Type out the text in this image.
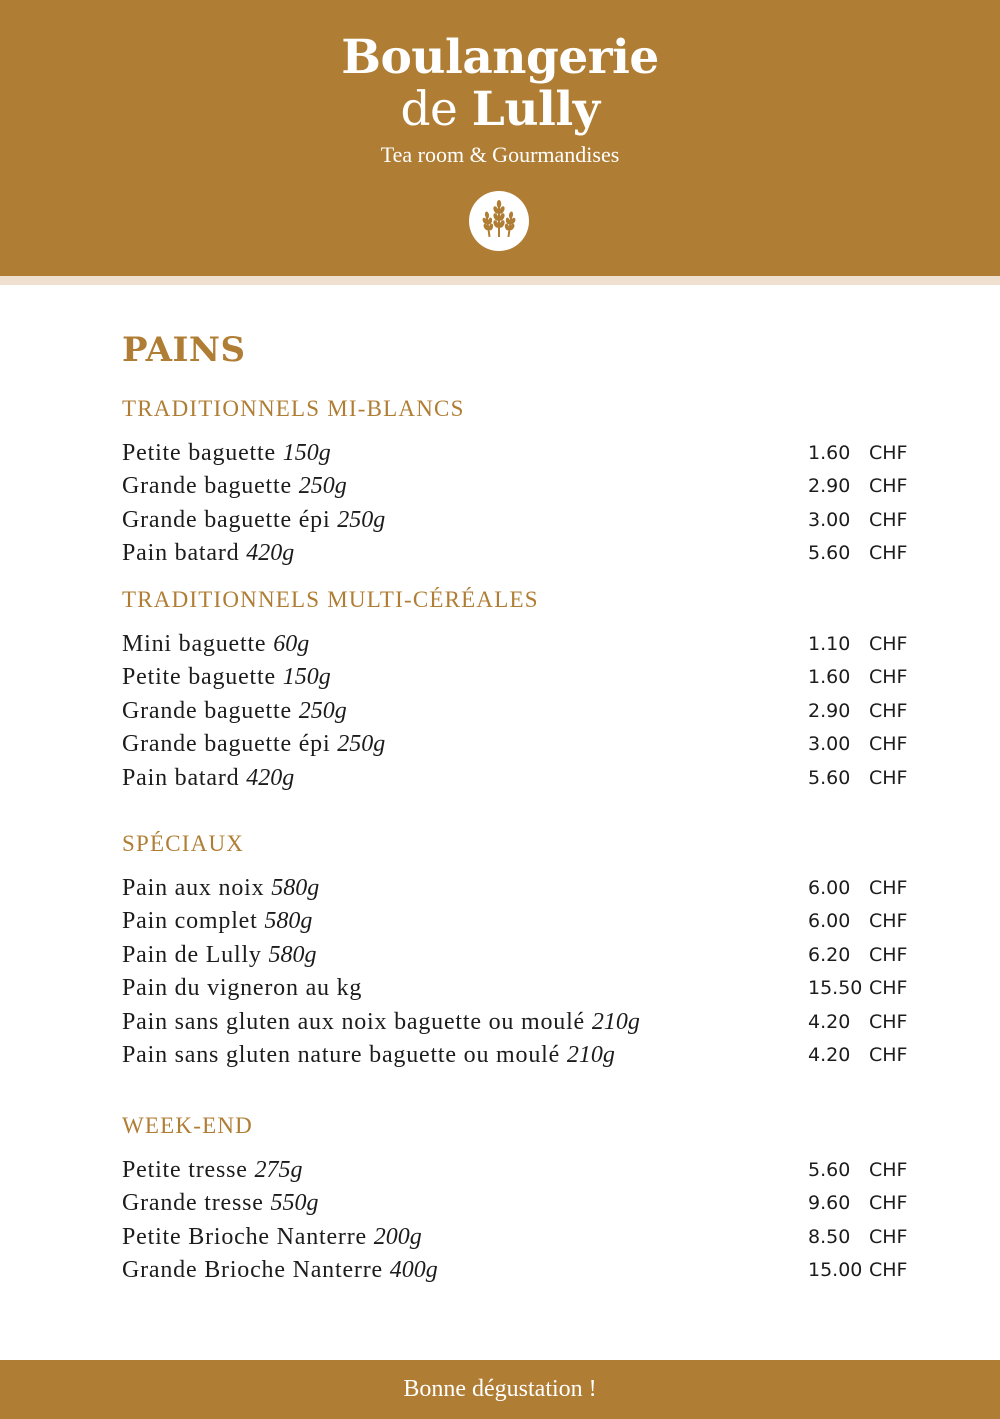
Boulangerie
de Lully
Tea room & Gourmandises
PAINS
TRADITIONNELS MI-BLANCS
Petite baguette 150g	1.60 CHF
Grande baguette 250g	2.90 CHF
Grande baguette épi 250g	3.00 CHF
Pain batard 420g	5.60 CHF
TRADITIONNELS MULTI-CÉRÉALES
Mini baguette 60g	1.10 CHF
Petite baguette 150g	1.60 CHF
Grande baguette 250g	2.90 CHF
Grande baguette épi 250g	3.00 CHF
Pain batard 420g	5.60 CHF
SPÉCIAUX
Pain aux noix 580g	6.00 CHF
Pain complet 580g	6.00 CHF
Pain de Lully 580g	6.20 CHF
Pain du vigneron au kg	15.50 CHF
Pain sans gluten aux noix baguette ou moulé 210g	4.20 CHF
Pain sans gluten nature baguette ou moulé 210g	4.20 CHF
WEEK-END
Petite tresse 275g	5.60 CHF
Grande tresse 550g	9.60 CHF
Petite Brioche Nanterre 200g	8.50 CHF
Grande Brioche Nanterre 400g	15.00 CHF
Bonne dégustation !
